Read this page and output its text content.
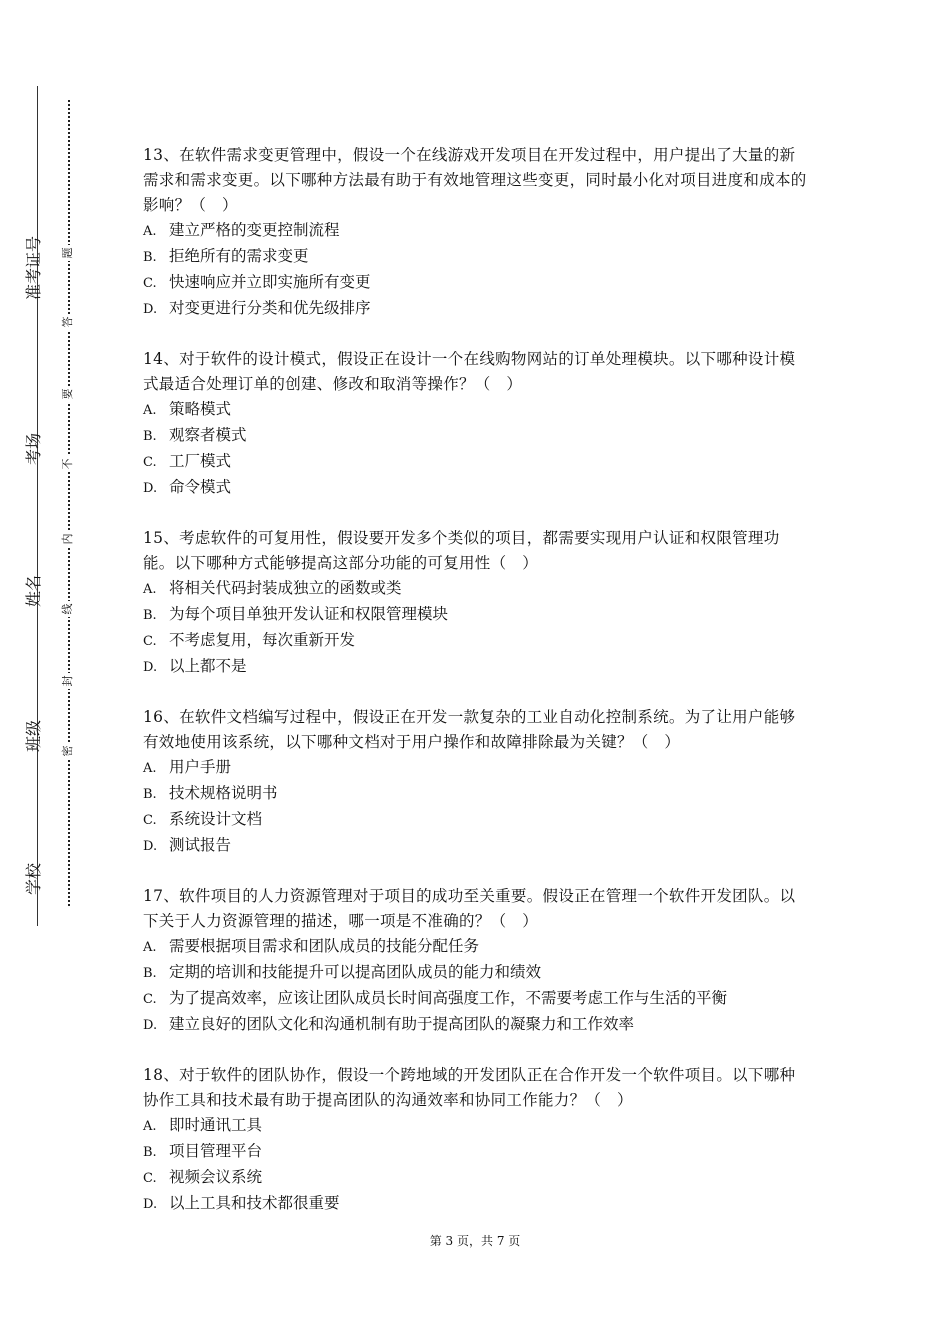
准考证号
考场
姓名
班级
学校
题
答
要
不
内
线
封
密
13、在软件需求变更管理中，假设一个在线游戏开发项目在开发过程中，用户提出了大量的新需求和需求变更。以下哪种方法最有助于有效地管理这些变更，同时最小化对项目进度和成本的影响？（　）
A. 建立严格的变更控制流程
B. 拒绝所有的需求变更
C. 快速响应并立即实施所有变更
D. 对变更进行分类和优先级排序
14、对于软件的设计模式，假设正在设计一个在线购物网站的订单处理模块。以下哪种设计模式最适合处理订单的创建、修改和取消等操作？（　）
A. 策略模式
B. 观察者模式
C. 工厂模式
D. 命令模式
15、考虑软件的可复用性，假设要开发多个类似的项目，都需要实现用户认证和权限管理功能。以下哪种方式能够提高这部分功能的可复用性（　）
A. 将相关代码封装成独立的函数或类
B. 为每个项目单独开发认证和权限管理模块
C. 不考虑复用，每次重新开发
D. 以上都不是
16、在软件文档编写过程中，假设正在开发一款复杂的工业自动化控制系统。为了让用户能够有效地使用该系统，以下哪种文档对于用户操作和故障排除最为关键？（　）
A. 用户手册
B. 技术规格说明书
C. 系统设计文档
D. 测试报告
17、软件项目的人力资源管理对于项目的成功至关重要。假设正在管理一个软件开发团队。以下关于人力资源管理的描述，哪一项是不准确的？（　）
A. 需要根据项目需求和团队成员的技能分配任务
B. 定期的培训和技能提升可以提高团队成员的能力和绩效
C. 为了提高效率，应该让团队成员长时间高强度工作，不需要考虑工作与生活的平衡
D. 建立良好的团队文化和沟通机制有助于提高团队的凝聚力和工作效率
18、对于软件的团队协作，假设一个跨地域的开发团队正在合作开发一个软件项目。以下哪种协作工具和技术最有助于提高团队的沟通效率和协同工作能力？（　）
A. 即时通讯工具
B. 项目管理平台
C. 视频会议系统
D. 以上工具和技术都很重要
第 3 页，共 7 页
